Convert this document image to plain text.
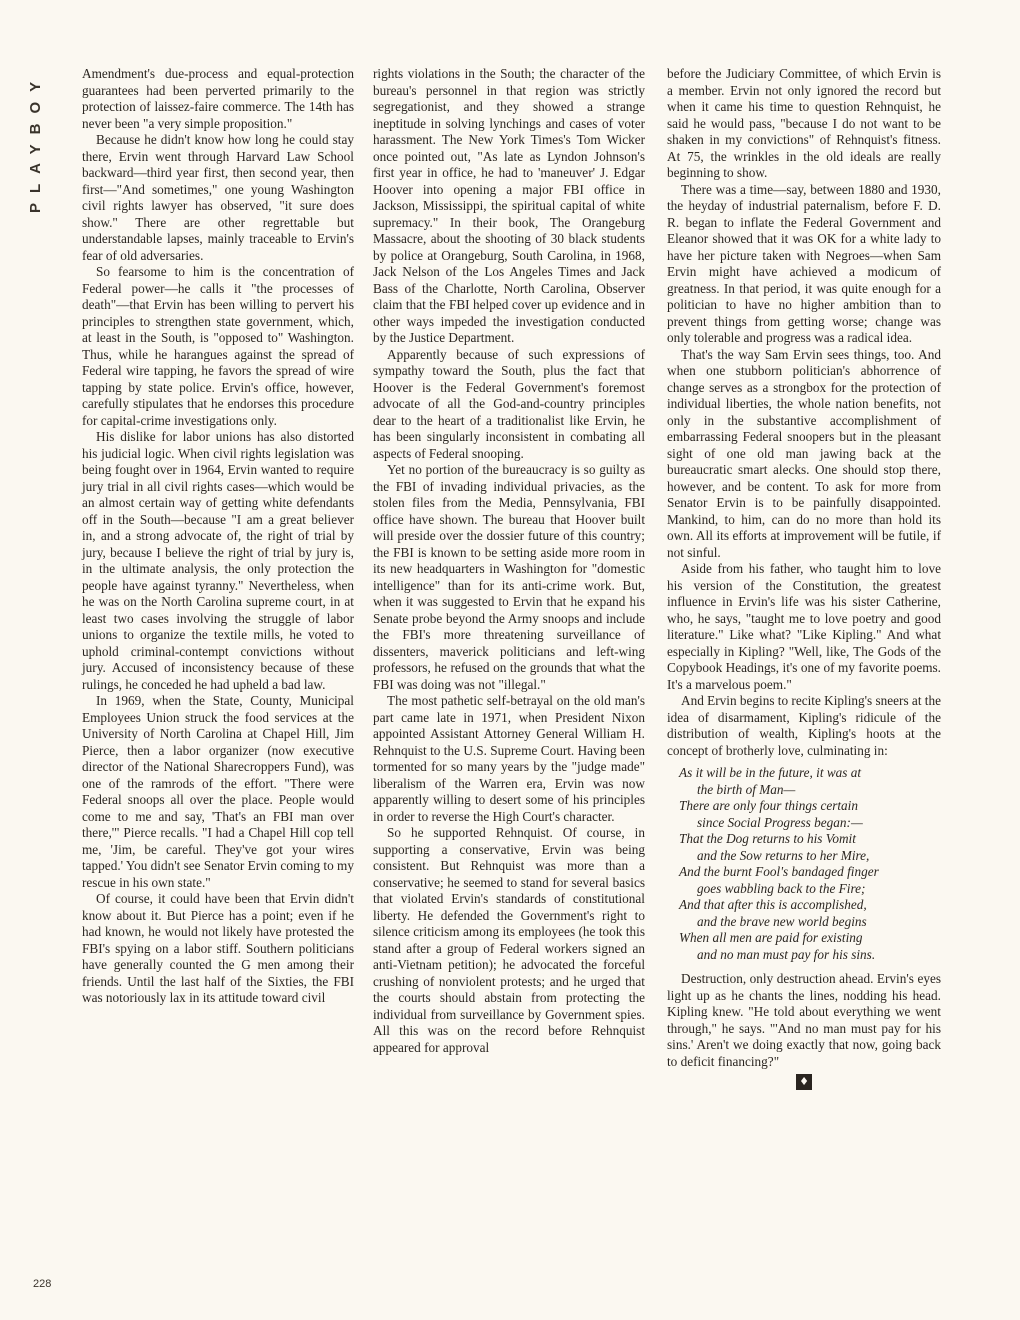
PLAYBOY
228

Amendment's due-process and equal-protection guarantees had been perverted primarily to the protection of laissez-faire commerce. The 14th has never been "a very simple proposition."

Because he didn't know how long he could stay there, Ervin went through Harvard Law School backward—third year first, then second year, then first—"And sometimes," one young Washington civil rights lawyer has observed, "it sure does show." There are other regrettable but understandable lapses, mainly traceable to Ervin's fear of old adversaries.

So fearsome to him is the concentration of Federal power—he calls it "the processes of death"—that Ervin has been willing to pervert his principles to strengthen state government, which, at least in the South, is "opposed to" Washington. Thus, while he harangues against the spread of Federal wire tapping, he favors the spread of wire tapping by state police. Ervin's office, however, carefully stipulates that he endorses this procedure for capital-crime investigations only.

His dislike for labor unions has also distorted his judicial logic. When civil rights legislation was being fought over in 1964, Ervin wanted to require jury trial in all civil rights cases—which would be an almost certain way of getting white defendants off in the South—because "I am a great believer in, and a strong advocate of, the right of trial by jury, because I believe the right of trial by jury is, in the ultimate analysis, the only protection the people have against tyranny." Nevertheless, when he was on the North Carolina supreme court, in at least two cases involving the struggle of labor unions to organize the textile mills, he voted to uphold criminal-contempt convictions without jury. Accused of inconsistency because of these rulings, he conceded he had upheld a bad law.

In 1969, when the State, County, Municipal Employees Union struck the food services at the University of North Carolina at Chapel Hill, Jim Pierce, then a labor organizer (now executive director of the National Sharecroppers Fund), was one of the ramrods of the effort. "There were Federal snoops all over the place. People would come to me and say, 'That's an FBI man over there,'" Pierce recalls. "I had a Chapel Hill cop tell me, 'Jim, be careful. They've got your wires tapped.' You didn't see Senator Ervin coming to my rescue in his own state."

Of course, it could have been that Ervin didn't know about it. But Pierce has a point; even if he had known, he would not likely have protested the FBI's spying on a labor stiff. Southern politicians have generally counted the G men among their friends. Until the last half of the Sixties, the FBI was notoriously lax in its attitude toward civil

rights violations in the South; the character of the bureau's personnel in that region was strictly segregationist, and they showed a strange ineptitude in solving lynchings and cases of voter harassment. The New York Times's Tom Wicker once pointed out, "As late as Lyndon Johnson's first year in office, he had to 'maneuver' J. Edgar Hoover into opening a major FBI office in Jackson, Mississippi, the spiritual capital of white supremacy." In their book, The Orangeburg Massacre, about the shooting of 30 black students by police at Orangeburg, South Carolina, in 1968, Jack Nelson of the Los Angeles Times and Jack Bass of the Charlotte, North Carolina, Observer claim that the FBI helped cover up evidence and in other ways impeded the investigation conducted by the Justice Department.

Apparently because of such expressions of sympathy toward the South, plus the fact that Hoover is the Federal Government's foremost advocate of all the God-and-country principles dear to the heart of a traditionalist like Ervin, he has been singularly inconsistent in combating all aspects of Federal snooping.

Yet no portion of the bureaucracy is so guilty as the FBI of invading individual privacies, as the stolen files from the Media, Pennsylvania, FBI office have shown. The bureau that Hoover built will preside over the dossier future of this country; the FBI is known to be setting aside more room in its new headquarters in Washington for "domestic intelligence" than for its anti-crime work. But, when it was suggested to Ervin that he expand his Senate probe beyond the Army snoops and include the FBI's more threatening surveillance of dissenters, maverick politicians and left-wing professors, he refused on the grounds that what the FBI was doing was not "illegal."

The most pathetic self-betrayal on the old man's part came late in 1971, when President Nixon appointed Assistant Attorney General William H. Rehnquist to the U.S. Supreme Court. Having been tormented for so many years by the "judge made" liberalism of the Warren era, Ervin was now apparently willing to desert some of his principles in order to reverse the High Court's character.

So he supported Rehnquist. Of course, in supporting a conservative, Ervin was being consistent. But Rehnquist was more than a conservative; he seemed to stand for several basics that violated Ervin's standards of constitutional liberty. He defended the Government's right to silence criticism among its employees (he took this stand after a group of Federal workers signed an anti-Vietnam petition); he advocated the forceful crushing of nonviolent protests; and he urged that the courts should abstain from protecting the individual from surveillance by Government spies. All this was on the record before Rehnquist appeared for approval

before the Judiciary Committee, of which Ervin is a member. Ervin not only ignored the record but when it came his time to question Rehnquist, he said he would pass, "because I do not want to be shaken in my convictions" of Rehnquist's fitness. At 75, the wrinkles in the old ideals are really beginning to show.

There was a time—say, between 1880 and 1930, the heyday of industrial paternalism, before F. D. R. began to inflate the Federal Government and Eleanor showed that it was OK for a white lady to have her picture taken with Negroes—when Sam Ervin might have achieved a modicum of greatness. In that period, it was quite enough for a politician to have no higher ambition than to prevent things from getting worse; change was only tolerable and progress was a radical idea.

That's the way Sam Ervin sees things, too. And when one stubborn politician's abhorrence of change serves as a strongbox for the protection of individual liberties, the whole nation benefits, not only in the substantive accomplishment of embarrassing Federal snoopers but in the pleasant sight of one old man jawing back at the bureaucratic smart alecks. One should stop there, however, and be content. To ask for more from Senator Ervin is to be painfully disappointed. Mankind, to him, can do no more than hold its own. All its efforts at improvement will be futile, if not sinful.

Aside from his father, who taught him to love his version of the Constitution, the greatest influence in Ervin's life was his sister Catherine, who, he says, "taught me to love poetry and good literature." Like what? "Like Kipling." And what especially in Kipling? "Well, like, The Gods of the Copybook Headings, it's one of my favorite poems. It's a marvelous poem."

And Ervin begins to recite Kipling's sneers at the idea of disarmament, Kipling's ridicule of the distribution of wealth, Kipling's hoots at the concept of brotherly love, culminating in:

As it will be in the future, it was at
the birth of Man—
There are only four things certain
since Social Progress began:—
That the Dog returns to his Vomit
and the Sow returns to her Mire,
And the burnt Fool's bandaged finger
goes wabbling back to the Fire;
And that after this is accomplished,
and the brave new world begins
When all men are paid for existing
and no man must pay for his sins.

Destruction, only destruction ahead. Ervin's eyes light up as he chants the lines, nodding his head. Kipling knew. "He told about everything we went through," he says. "'And no man must pay for his sins.' Aren't we doing exactly that now, going back to deficit financing?"

♦
